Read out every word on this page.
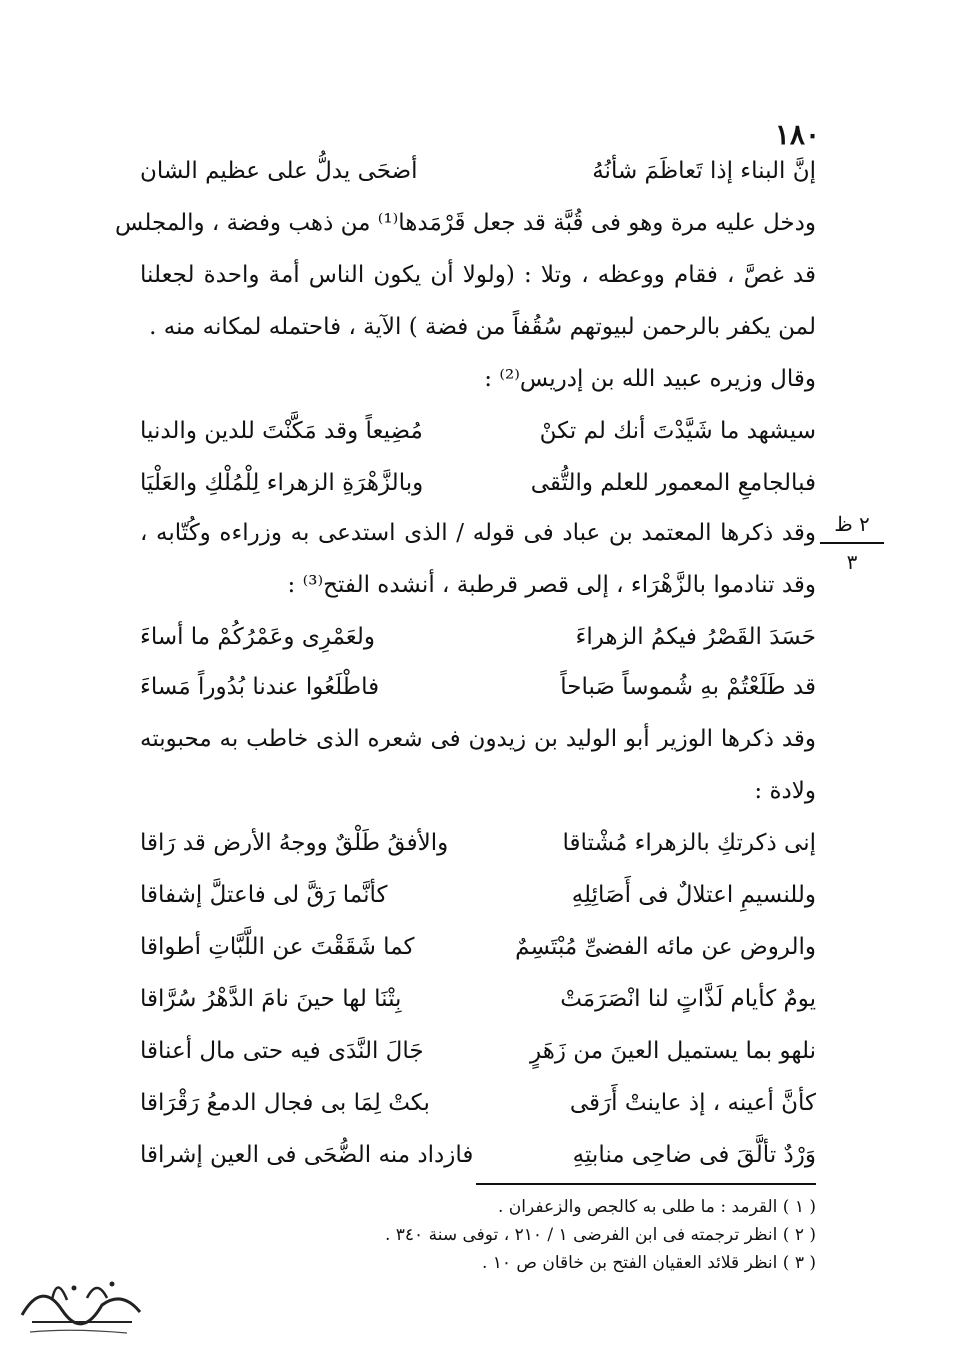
١٨٠
٢ ظ
٣
إنَّ البناء إذا تَعاظَمَ شأنُهُ
أضحَى يدلُّ على عظيم الشان
ودخل عليه مرة وهو فى قُبَّة قد جعل قَرْمَدها⁽¹⁾ من ذهب وفضة ، والمجلس
قد غصَّ ، فقام ووعظه ، وتلا : (ولولا أن يكون الناس أمة واحدة لجعلنا
لمن يكفر بالرحمن لبيوتهم سُقُفاً من فضة ) الآية ، فاحتمله لمكانه منه .
وقال وزيره عبيد الله بن إدريس⁽²⁾ :
سيشهد ما شَيَّدْتَ أنك لم تكنْ
مُضِيعاً وقد مَكَّنْتَ للدين والدنيا
فبالجامعِ المعمور للعلم والتُّقى
وبالزَّهْرَةِ الزهراء لِلْمُلْكِ والعَلْيَا
وقد ذكرها المعتمد بن عباد فى قوله / الذى استدعى به وزراءه وكُتّابه ،
وقد تنادموا بالزَّهْرَاء ، إلى قصر قرطبة ، أنشده الفتح⁽³⁾ :
حَسَدَ القَصْرُ فيكمُ الزهراءَ
ولعَمْرِى وعَمْرُكُمْ ما أساءَ
قد طَلَعْتُمْ بهِ شُموساً صَباحاً
فاطْلَعُوا عندنا بُدُوراً مَساءَ
وقد ذكرها الوزير أبو الوليد بن زيدون فى شعره الذى خاطب به محبوبته
ولادة :
إنى ذكرتكِ بالزهراء مُشْتاقا
والأفقُ طَلْقٌ ووجهُ الأرض قد رَاقا
وللنسيمِ اعتلالٌ فى أَصَائِلِهِ
كأنَّما رَقَّ لى فاعتلَّ إشفاقا
والروض عن مائه الفضىِّ مُبْتَسِمٌ
كما شَقَقْتَ عن اللَّبَّاتِ أطواقا
يومٌ كأيام لَذَّاتٍ لنا انْصَرَمَتْ
بِتْنَا لها حينَ نامَ الدَّهْرُ سُرَّاقا
نلهو بما يستميل العينَ من زَهَرٍ
جَالَ النَّدَى فيه حتى مال أعناقا
كأنَّ أعينه ، إذ عاينتْ أَرَقى
بكتْ لِمَا بى فجال الدمعُ رَقْرَاقا
وَرْدٌ تألَّقَ فى ضاحِى منابتِهِ
فازداد منه الضُّحَى فى العين إشراقا
( ١ ) القرمد : ما طلى به كالجص والزعفران .
( ٢ ) انظر ترجمته فى ابن الفرضى ١ / ٢١٠ ، توفى سنة ٣٤٠ .
( ٣ ) انظر قلائد العقيان الفتح بن خاقان ص ١٠ .
